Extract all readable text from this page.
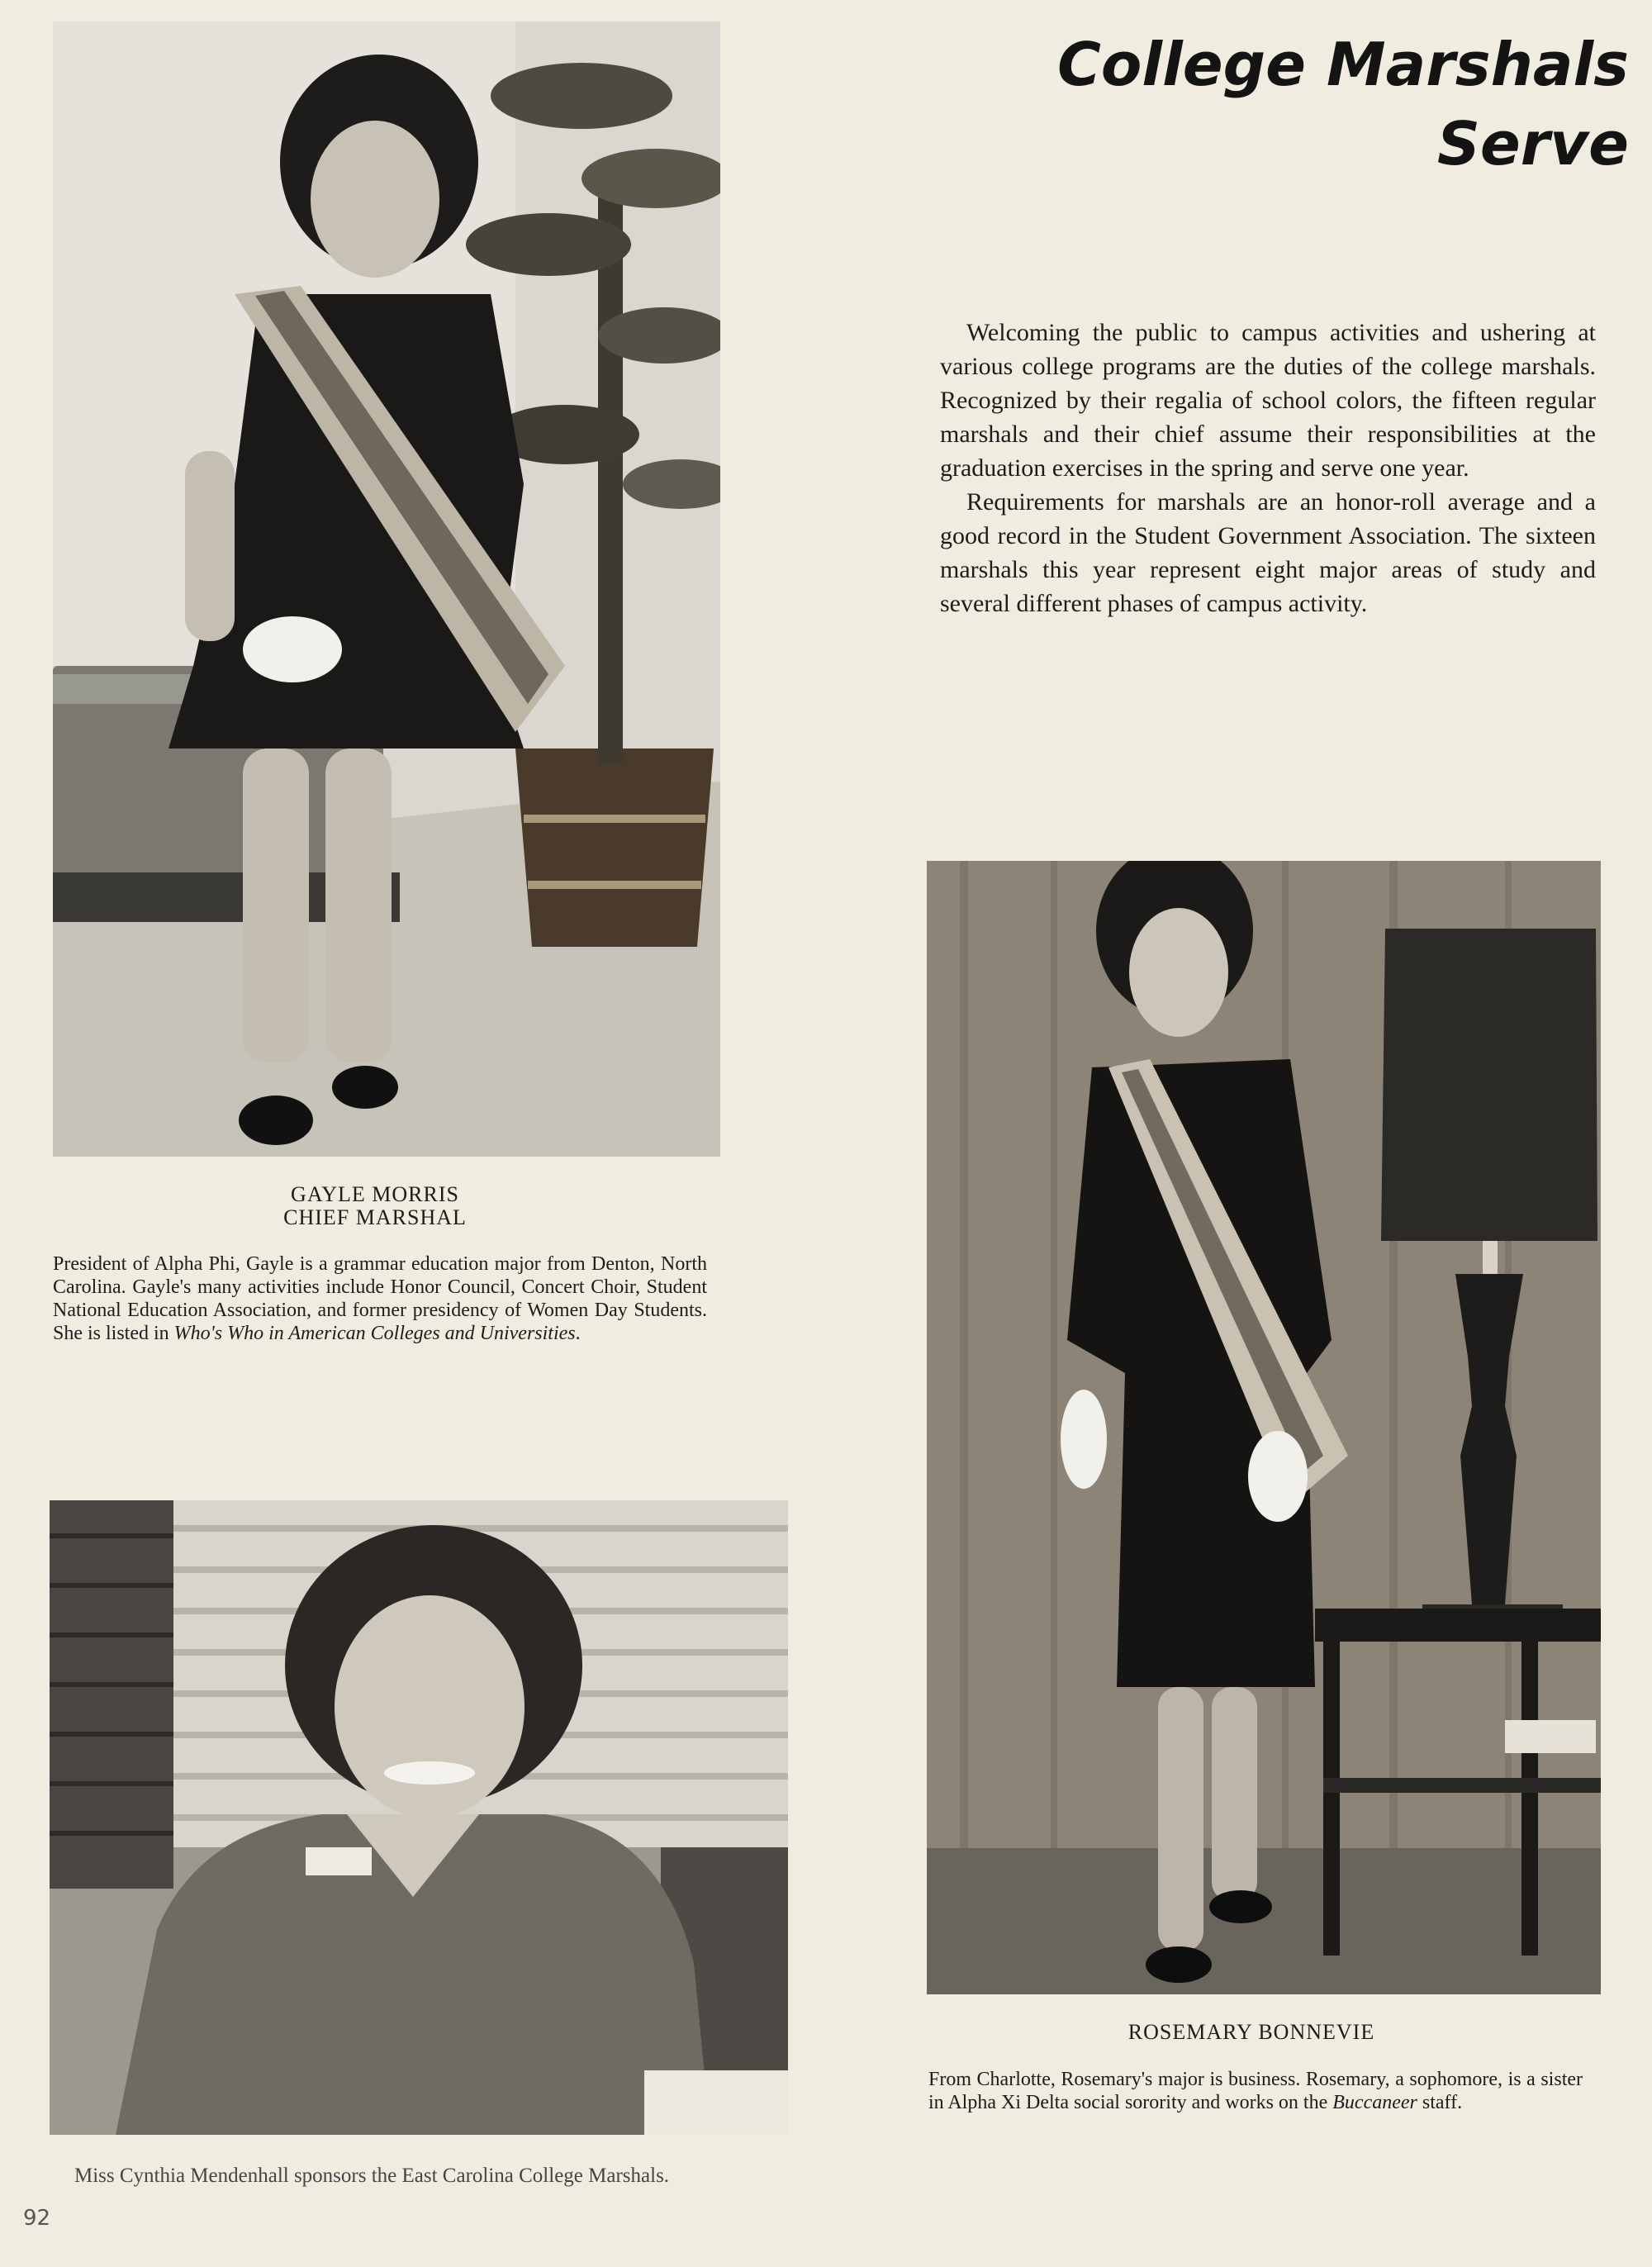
College Marshals
Serve

Welcoming the public to campus activities and ushering at various college programs are the duties of the college marshals. Recognized by their regalia of school colors, the fifteen regular marshals and their chief assume their responsibilities at the graduation exercises in the spring and serve one year.

Requirements for marshals are an honor-roll average and a good record in the Student Government Association. The sixteen marshals this year represent eight major areas of study and several different phases of campus activity.

GAYLE MORRIS
CHIEF MARSHAL
President of Alpha Phi, Gayle is a grammar education major from Denton, North Carolina. Gayle's many activities include Honor Council, Concert Choir, Student National Education Association, and former presidency of Women Day Students. She is listed in Who's Who in American Colleges and Universities.
ROSEMARY BONNEVIE
From Charlotte, Rosemary's major is business. Rosemary, a sophomore, is a sister in Alpha Xi Delta social sorority and works on the Buccaneer staff.
Miss Cynthia Mendenhall sponsors the East Carolina College Marshals.
92
